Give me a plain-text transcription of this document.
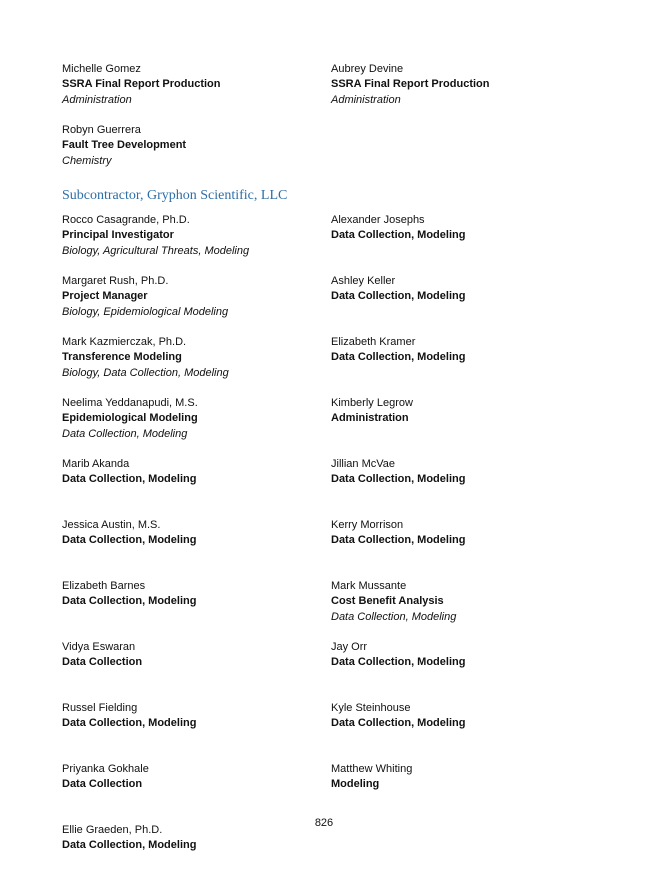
Michelle Gomez
SSRA Final Report Production
Administration
Aubrey Devine
SSRA Final Report Production
Administration
Robyn Guerrera
Fault Tree Development
Chemistry
Subcontractor, Gryphon Scientific, LLC
Rocco Casagrande, Ph.D.
Principal Investigator
Biology, Agricultural Threats, Modeling
Margaret Rush, Ph.D.
Project Manager
Biology, Epidemiological Modeling
Mark Kazmierczak, Ph.D.
Transference Modeling
Biology, Data Collection, Modeling
Neelima Yeddanapudi, M.S.
Epidemiological Modeling
Data Collection, Modeling
Marib Akanda
Data Collection, Modeling
Jessica Austin, M.S.
Data Collection, Modeling
Elizabeth Barnes
Data Collection, Modeling
Vidya Eswaran
Data Collection
Russel Fielding
Data Collection, Modeling
Priyanka Gokhale
Data Collection
Ellie Graeden, Ph.D.
Data Collection, Modeling
Alexander Josephs
Data Collection, Modeling
Ashley Keller
Data Collection, Modeling
Elizabeth Kramer
Data Collection, Modeling
Kimberly Legrow
Administration
Jillian McVae
Data Collection, Modeling
Kerry Morrison
Data Collection, Modeling
Mark Mussante
Cost Benefit Analysis
Data Collection, Modeling
Jay Orr
Data Collection, Modeling
Kyle Steinhouse
Data Collection, Modeling
Matthew Whiting
Modeling
826
